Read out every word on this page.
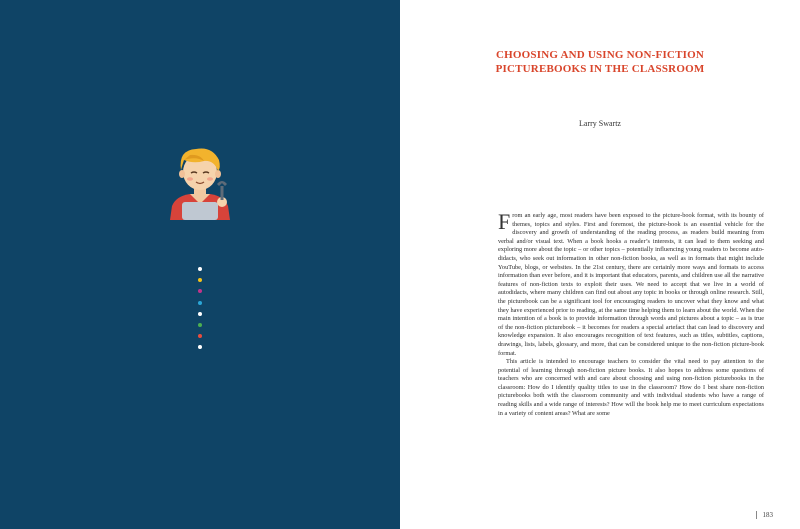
CHOOSING AND USING NON-FICTION
PICTUREBOOKS IN THE CLASSROOM
Larry Swartz

From an early age, most readers have been exposed to the picture-book format, with its bounty of themes, topics and styles. First and foremost, the picture-book is an essential vehicle for the discovery and growth of understanding of the reading process, as readers build meaning from verbal and/or visual text. When a book hooks a reader’s interests, it can lead to them seeking and exploring more about the topic – or other topics – potentially influencing young readers to become auto-didacts, who seek out information in other non-fiction books, as well as in formats that might include YouTube, blogs, or websites. In the 21st century, there are certainly more ways and formats to access information than ever before, and it is important that educators, parents, and children use all the narrative features of non-fiction texts to exploit their uses. We need to accept that we live in a world of autodidacts, where many children can find out about any topic in books or through online research. Still, the picturebook can be a significant tool for encouraging readers to uncover what they know and what they have experienced prior to reading, at the same time helping them to learn about the world. When the main intention of a book is to provide information through words and pictures about a topic – as is true of the non-fiction picturebook – it becomes for readers a special artefact that can lead to discovery and knowledge expansion. It also encourages recognition of text features, such as titles, subtitles, captions, drawings, lists, labels, glossary, and more, that can be considered unique to the non-fiction picture-book format.

This article is intended to encourage teachers to consider the vital need to pay attention to the potential of learning through non-fiction picture books. It also hopes to address some questions of teachers who are concerned with and care about choosing and using non-fiction picturebooks in the classroom: How do I identify quality titles to use in the classroom? How do I best share non-fiction picturebooks both with the classroom community and with individual students who have a range of reading skills and a wide range of interests? How will the book help me to meet curriculum expectations in a variety of content areas? What are some

183
